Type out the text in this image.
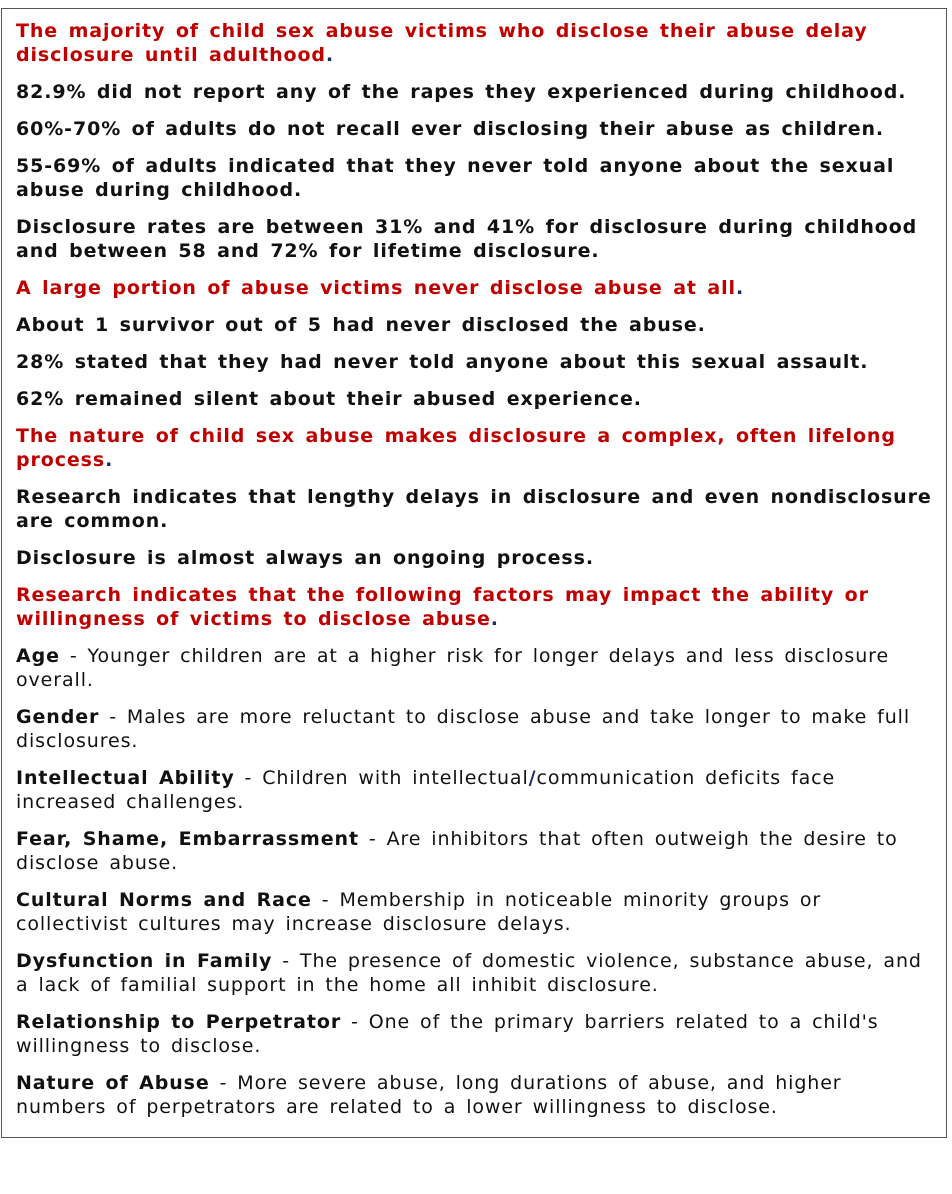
The majority of child sex abuse victims who disclose their abuse delay disclosure until adulthood.

82.9% did not report any of the rapes they experienced during childhood.

60%-70% of adults do not recall ever disclosing their abuse as children.

55-69% of adults indicated that they never told anyone about the sexual abuse during childhood.

Disclosure rates are between 31% and 41% for disclosure during childhood and between 58 and 72% for lifetime disclosure.

A large portion of abuse victims never disclose abuse at all.

About 1 survivor out of 5 had never disclosed the abuse.

28% stated that they had never told anyone about this sexual assault.

62% remained silent about their abused experience.

The nature of child sex abuse makes disclosure a complex, often lifelong process.

Research indicates that lengthy delays in disclosure and even nondisclosure are common.

Disclosure is almost always an ongoing process.

Research indicates that the following factors may impact the ability or willingness of victims to disclose abuse.

Age - Younger children are at a higher risk for longer delays and less disclosure overall.

Gender - Males are more reluctant to disclose abuse and take longer to make full disclosures.

Intellectual Ability - Children with intellectual/communication deficits face increased challenges.

Fear, Shame, Embarrassment - Are inhibitors that often outweigh the desire to disclose abuse.

Cultural Norms and Race - Membership in noticeable minority groups or collectivist cultures may increase disclosure delays.

Dysfunction in Family - The presence of domestic violence, substance abuse, and a lack of familial support in the home all inhibit disclosure.

Relationship to Perpetrator - One of the primary barriers related to a child's willingness to disclose.

Nature of Abuse - More severe abuse, long durations of abuse, and higher numbers of perpetrators are related to a lower willingness to disclose.
